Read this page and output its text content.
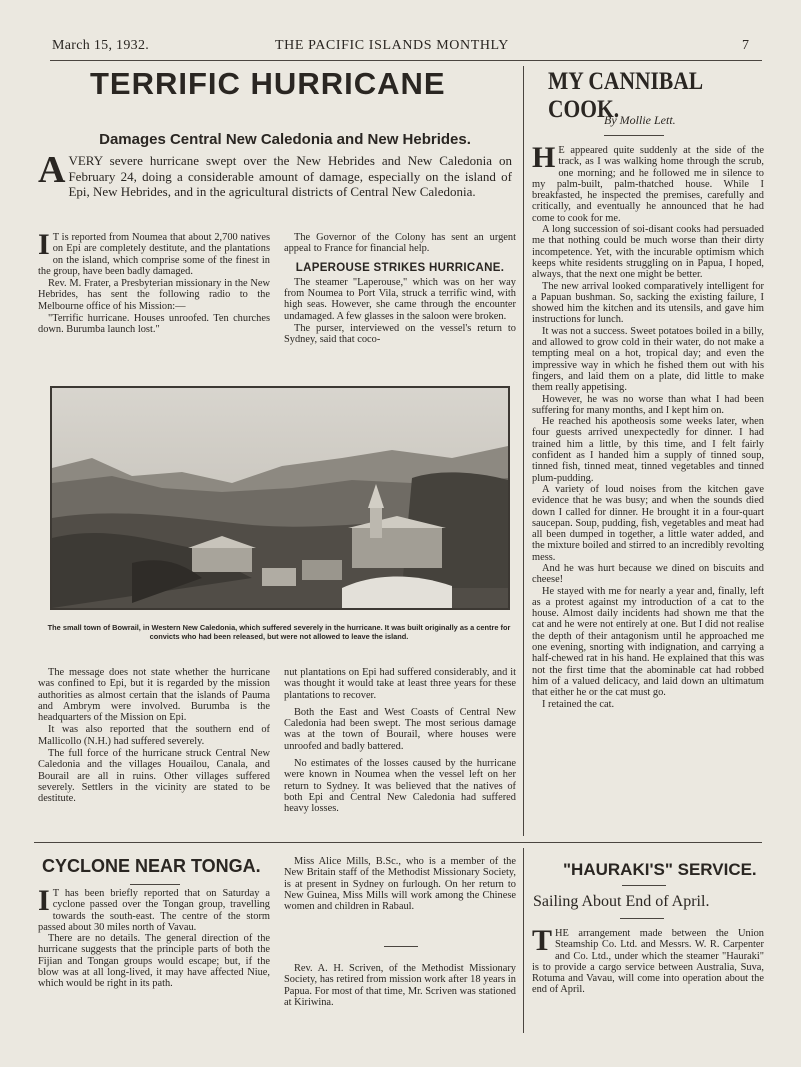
March 15, 1932.	THE PACIFIC ISLANDS MONTHLY	7
TERRIFIC HURRICANE
Damages Central New Caledonia and New Hebrides.

AVERY severe hurricane swept over the New Hebrides and New Caledonia on February 24, doing a considerable amount of damage, especially on the island of Epi, New Hebrides, and in the agricultural districts of Central New Caledonia.

I T is reported from Noumea that about 2,700 natives on Epi are completely destitute, and the plantations on the island, which comprise some of the finest in the group, have been badly damaged.

Rev. M. Frater, a Presbyterian missionary in the New Hebrides, has sent the following radio to the Melbourne office of his Mission:—

"Terrific hurricane. Houses unroofed. Ten churches down. Burumba launch lost."

The Governor of the Colony has sent an urgent appeal to France for financial help.

LAPEROUSE STRIKES HURRICANE.

The steamer "Laperouse," which was on her way from Noumea to Port Vila, struck a terrific wind, with high seas. However, she came through the encounter undamaged. A few glasses in the saloon were broken.

The purser, interviewed on the vessel's return to Sydney, said that coco-

The small town of Bowrail, in Western New Caledonia, which suffered severely in the hurricane. It was built originally as a centre for convicts who had been released, but were not allowed to leave the island.

The message does not state whether the hurricane was confined to Epi, but it is regarded by the mission authorities as almost certain that the islands of Pauma and Ambrym were involved. Burumba is the headquarters of the Mission on Epi.

It was also reported that the southern end of Mallicollo (N.H.) had suffered severely.

The full force of the hurricane struck Central New Caledonia and the villages Houailou, Canala, and Bourail are all in ruins. Other villages suffered severely. Settlers in the vicinity are stated to be destitute.

nut plantations on Epi had suffered considerably, and it was thought it would take at least three years for these plantations to recover.

Both the East and West Coasts of Central New Caledonia had been swept. The most serious damage was at the town of Bourail, where houses were unroofed and badly battered.

No estimates of the losses caused by the hurricane were known in Noumea when the vessel left on her return to Sydney. It was believed that the natives of both Epi and Central New Caledonia had suffered heavy losses.

MY CANNIBAL COOK.
By Mollie Lett.

H E appeared quite suddenly at the side of the track, as I was walking home through the scrub, one morning; and he followed me in silence to my palm-built, palm-thatched house. While I breakfasted, he inspected the premises, carefully and critically, and eventually he announced that he had come to cook for me.

A long succession of soi-disant cooks had persuaded me that nothing could be much worse than their dirty incompetence. Yet, with the incurable optimism which keeps white residents struggling on in Papua, I hoped, always, that the next one might be better.

The new arrival looked comparatively intelligent for a Papuan bushman. So, sacking the existing failure, I showed him the kitchen and its utensils, and gave him instructions for lunch.

It was not a success. Sweet potatoes boiled in a billy, and allowed to grow cold in their water, do not make a tempting meal on a hot, tropical day; and even the impressive way in which he fished them out with his fingers, and laid them on a plate, did little to make them really appetising.

However, he was no worse than what I had been suffering for many months, and I kept him on.

He reached his apotheosis some weeks later, when four guests arrived unexpectedly for dinner. I had trained him a little, by this time, and I felt fairly confident as I handed him a supply of tinned soup, tinned fish, tinned meat, tinned vegetables and tinned plum-pudding.

A variety of loud noises from the kitchen gave evidence that he was busy; and when the sounds died down I called for dinner. He brought it in a four-quart saucepan. Soup, pudding, fish, vegetables and meat had all been dumped in together, a little water added, and the mixture boiled and stirred to an incredibly revolting mess.

And he was hurt because we dined on biscuits and cheese!

He stayed with me for nearly a year and, finally, left as a protest against my introduction of a cat to the house. Almost daily incidents had shown me that the cat and he were not entirely at one. But I did not realise the depth of their antagonism until he approached me one evening, snorting with indignation, and carrying a half-chewed rat in his hand. He explained that this was not the first time that the abominable cat had robbed him of a valued delicacy, and laid down an ultimatum that either he or the cat must go.

I retained the cat.

CYCLONE NEAR TONGA.

I T has been briefly reported that on Saturday a cyclone passed over the Tongan group, travelling towards the south-east. The centre of the storm passed about 30 miles north of Vavau.

There are no details. The general direction of the hurricane suggests that the principle parts of both the Fijian and Tongan groups would escape; but, if the blow was at all long-lived, it may have affected Niue, which would be right in its path.

Miss Alice Mills, B.Sc., who is a member of the New Britain staff of the Methodist Missionary Society, is at present in Sydney on furlough. On her return to New Guinea, Miss Mills will work among the Chinese women and children in Rabaul.

Rev. A. H. Scriven, of the Methodist Missionary Society, has retired from mission work after 18 years in Papua. For most of that time, Mr. Scriven was stationed at Kiriwina.

"HAURAKI'S" SERVICE.
Sailing About End of April.

THE arrangement made between the Union Steamship Co. Ltd. and Messrs. W. R. Carpenter and Co. Ltd., under which the steamer "Hauraki" is to provide a cargo service between Australia, Suva, Rotuma and Vavau, will come into operation about the end of April.
